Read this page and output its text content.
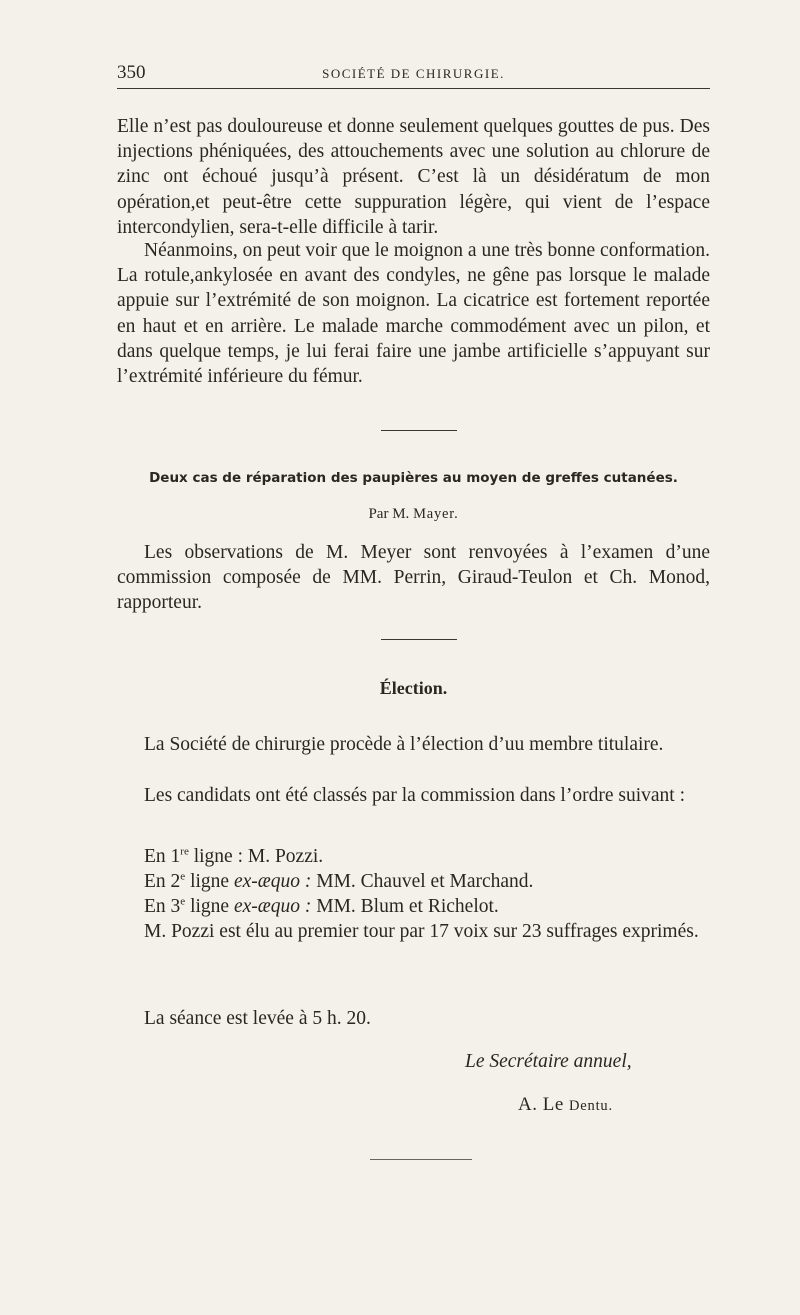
350	SOCIÉTÉ DE CHIRURGIE.

Elle n’est pas douloureuse et donne seulement quelques gouttes de pus. Des injections phéniquées, des attouchements avec une solution au chlorure de zinc ont échoué jusqu’à présent. C’est là un désidératum de mon opération,et peut-être cette suppuration légère, qui vient de l’espace intercondylien, sera-t-elle difficile à tarir.

Néanmoins, on peut voir que le moignon a une très bonne conformation. La rotule,ankylosée en avant des condyles, ne gêne pas lorsque le malade appuie sur l’extrémité de son moignon. La cicatrice est fortement reportée en haut et en arrière. Le malade marche commodément avec un pilon, et dans quelque temps, je lui ferai faire une jambe artificielle s’appuyant sur l’extrémité inférieure du fémur.

Deux cas de réparation des paupières au moyen de greffes cutanées.
Par M. Mayer.

Les observations de M. Meyer sont renvoyées à l’examen d’une commission composée de MM. Perrin, Giraud-Teulon et Ch. Monod, rapporteur.

Élection.

La Société de chirurgie procède à l’élection d’uu membre titulaire.

Les candidats ont été classés par la commission dans l’ordre suivant :

En 1re ligne : M. Pozzi.
En 2e ligne ex-æquo : MM. Chauvel et Marchand.
En 3e ligne ex-æquo : MM. Blum et Richelot.

M. Pozzi est élu au premier tour par 17 voix sur 23 suffrages exprimés.

La séance est levée à 5 h. 20.

Le Secrétaire annuel,
A. Le Dentu.
